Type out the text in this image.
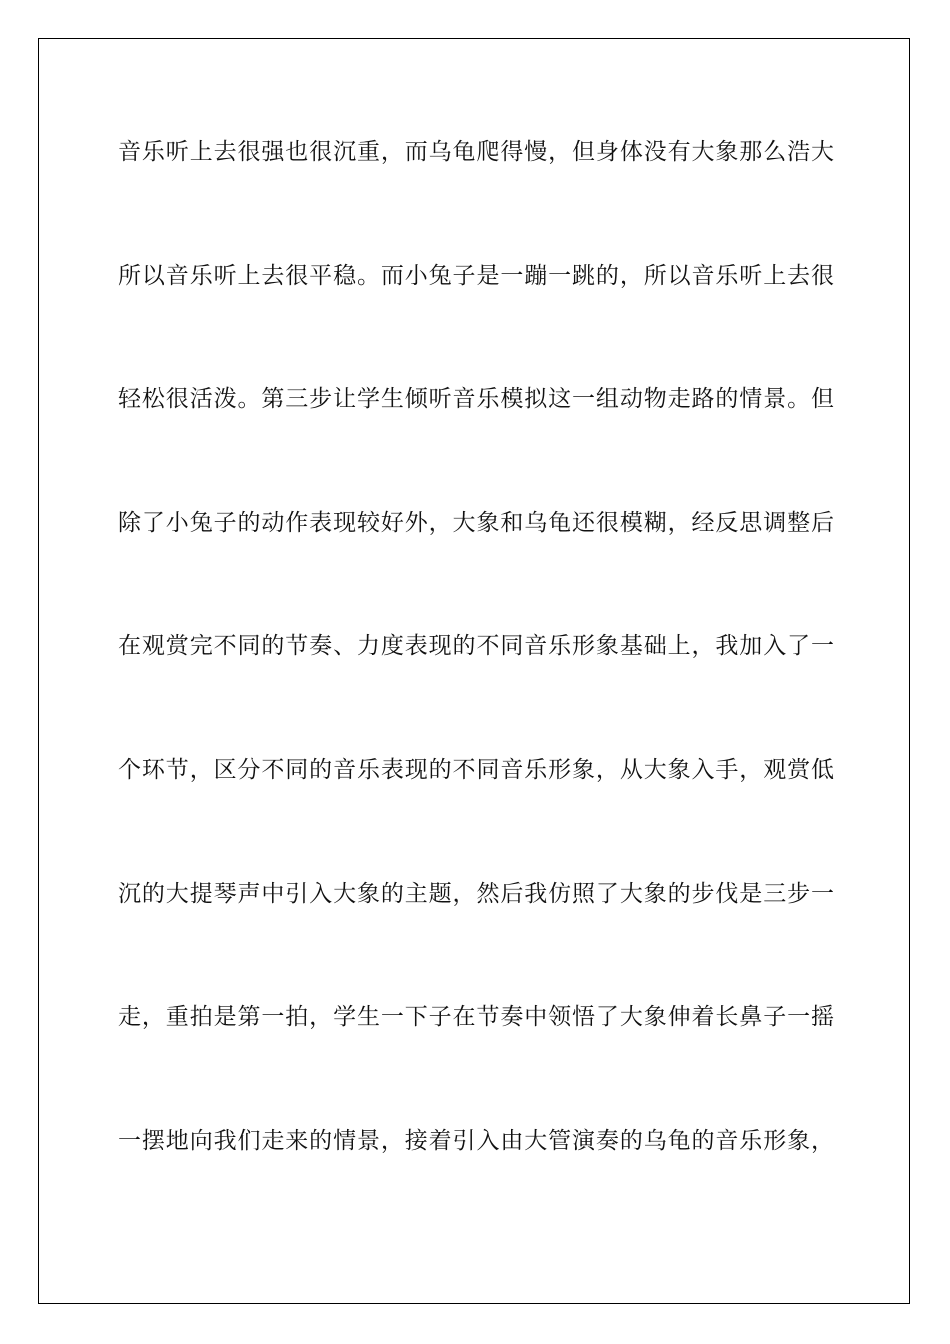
音乐听上去很强也很沉重，而乌龟爬得慢，但身体没有大象那么浩大
所以音乐听上去很平稳。而小兔子是一蹦一跳的，所以音乐听上去很
轻松很活泼。第三步让学生倾听音乐模拟这一组动物走路的情景。但
除了小兔子的动作表现较好外，大象和乌龟还很模糊，经反思调整后
在观赏完不同的节奏、力度表现的不同音乐形象基础上，我加入了一
个环节，区分不同的音乐表现的不同音乐形象，从大象入手，观赏低
沉的大提琴声中引入大象的主题，然后我仿照了大象的步伐是三步一
走，重拍是第一拍，学生一下子在节奏中领悟了大象伸着长鼻子一摇
一摆地向我们走来的情景，接着引入由大管演奏的乌龟的音乐形象，
